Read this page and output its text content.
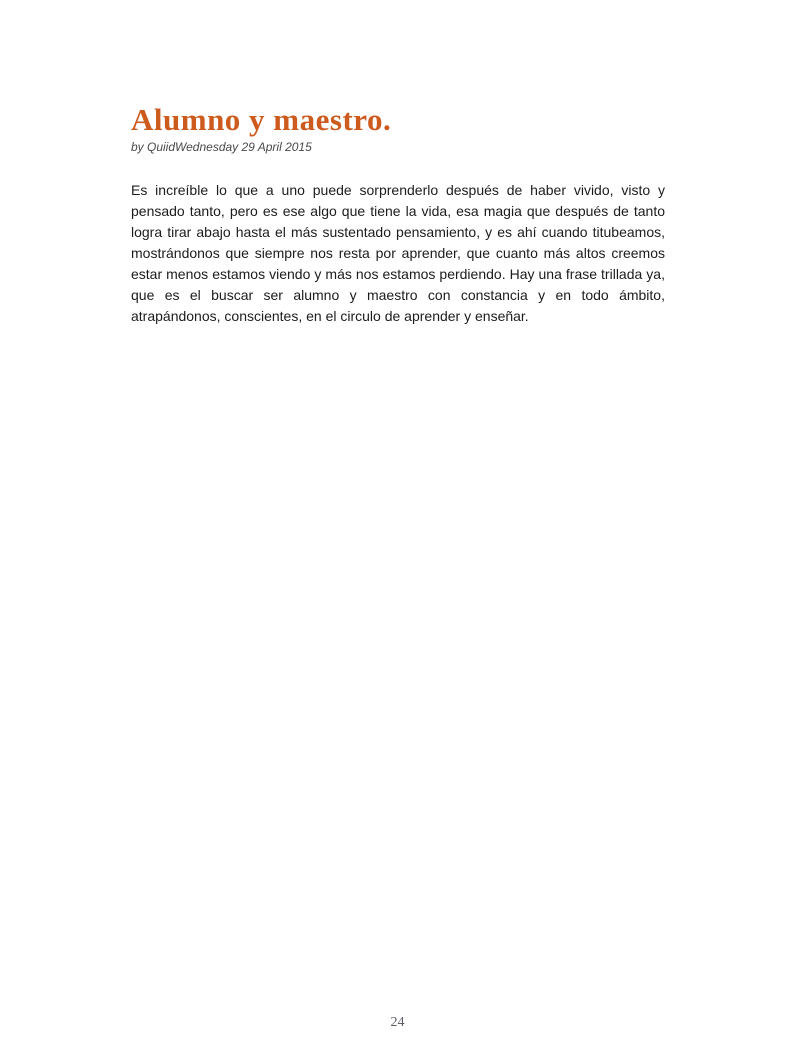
Alumno y maestro.
by QuiidWednesday 29 April 2015

Es increíble lo que a uno puede sorprenderlo después de haber vivido, visto y pensado tanto, pero es ese algo que tiene la vida, esa magia que después de tanto logra tirar abajo hasta el más sustentado pensamiento, y es ahí cuando titubeamos, mostrándonos que siempre nos resta por aprender, que cuanto más altos creemos estar menos estamos viendo y más nos estamos perdiendo. Hay una frase trillada ya, que es el buscar ser alumno y maestro con constancia y en todo ámbito, atrapándonos, conscientes, en el circulo de aprender y enseñar.

24
